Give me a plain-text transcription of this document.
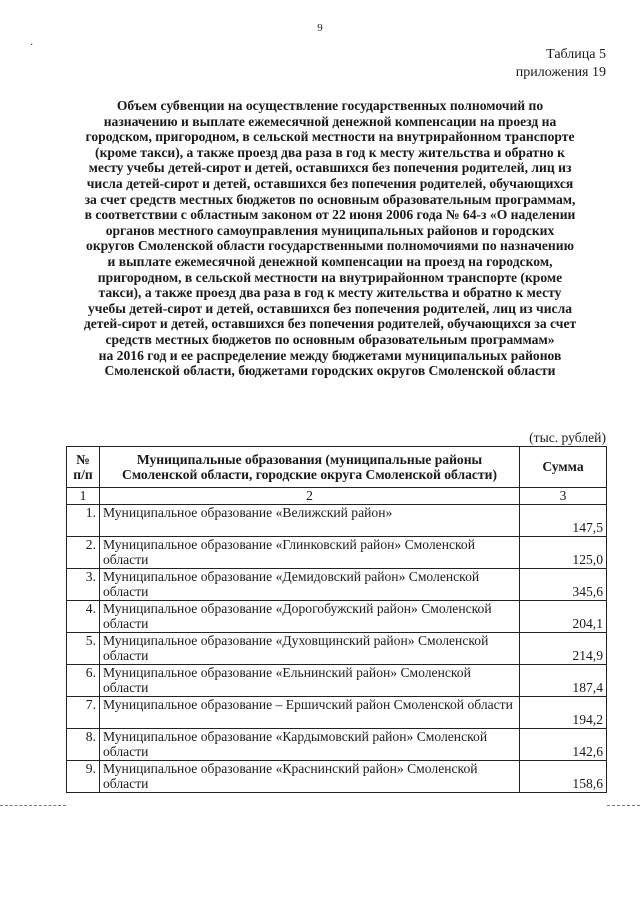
9
Таблица 5
приложения 19
Объем субвенции на осуществление государственных полномочий по
назначению и выплате ежемесячной денежной компенсации на проезд на
городском, пригородном, в сельской местности на внутрирайонном транспорте
(кроме такси), а также проезд два раза в год к месту жительства и обратно к
месту учебы детей-сирот и детей, оставшихся без попечения родителей, лиц из
числа детей-сирот и детей, оставшихся без попечения родителей, обучающихся
за счет средств местных бюджетов по основным образовательным программам,
в соответствии с областным законом от 22 июня 2006 года № 64-з «О наделении
органов местного самоуправления муниципальных районов и городских
округов Смоленской области государственными полномочиями по назначению
и выплате ежемесячной денежной компенсации на проезд на городском,
пригородном, в сельской местности на внутрирайонном транспорте (кроме
такси), а также проезд два раза в год к месту жительства и обратно к месту
учебы детей-сирот и детей, оставшихся без попечения родителей, лиц из числа
детей-сирот и детей, оставшихся без попечения родителей, обучающихся за счет
средств местных бюджетов по основным образовательным программам»
на 2016 год и ее распределение между бюджетами муниципальных районов
Смоленской области, бюджетами городских округов Смоленской области
(тыс. рублей)
№ п/п	Муниципальные образования (муниципальные районы Смоленской области, городские округа Смоленской области)	Сумма
1	2	3
1.	Муниципальное образование «Велижский район»	147,5
2.	Муниципальное образование «Глинковский район» Смоленской области	125,0
3.	Муниципальное образование «Демидовский район» Смоленской области	345,6
4.	Муниципальное образование «Дорогобужский район» Смоленской области	204,1
5.	Муниципальное образование «Духовщинский район» Смоленской области	214,9
6.	Муниципальное образование «Ельнинский район» Смоленской области	187,4
7.	Муниципальное образование – Ершичский район Смоленской области	194,2
8.	Муниципальное образование «Кардымовский район» Смоленской области	142,6
9.	Муниципальное образование «Краснинский район» Смоленской области	158,6
·
